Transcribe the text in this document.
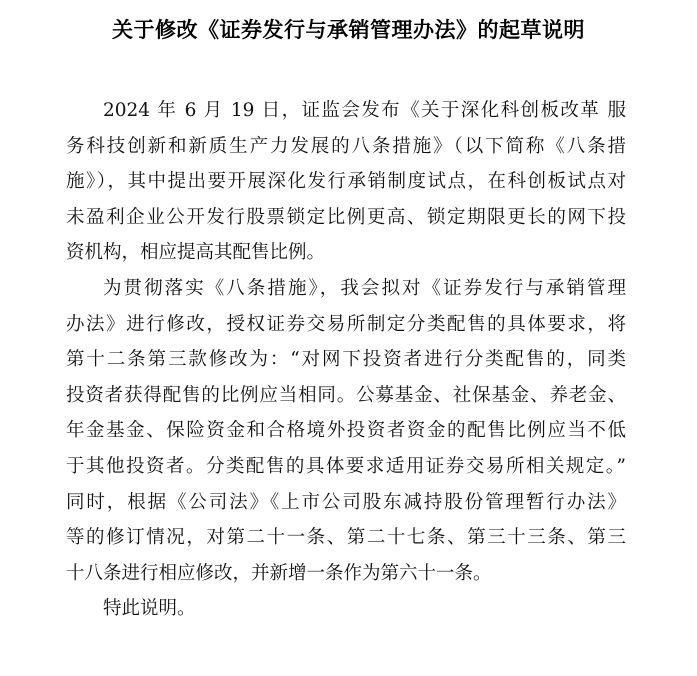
关于修改《证券发行与承销管理办法》的起草说明
2024 年 6 月 19 日，证监会发布《关于深化科创板改革 服
务科技创新和新质生产力发展的八条措施》（以下简称《八条措
施》），其中提出要开展深化发行承销制度试点，在科创板试点对
未盈利企业公开发行股票锁定比例更高、锁定期限更长的网下投
资机构，相应提高其配售比例。
为贯彻落实《八条措施》，我会拟对《证券发行与承销管理
办法》进行修改，授权证券交易所制定分类配售的具体要求，将
第十二条第三款修改为：“对网下投资者进行分类配售的，同类
投资者获得配售的比例应当相同。公募基金、社保基金、养老金、
年金基金、保险资金和合格境外投资者资金的配售比例应当不低
于其他投资者。分类配售的具体要求适用证券交易所相关规定。”
同时，根据《公司法》《上市公司股东减持股份管理暂行办法》
等的修订情况，对第二十一条、第二十七条、第三十三条、第三
十八条进行相应修改，并新增一条作为第六十一条。
特此说明。
